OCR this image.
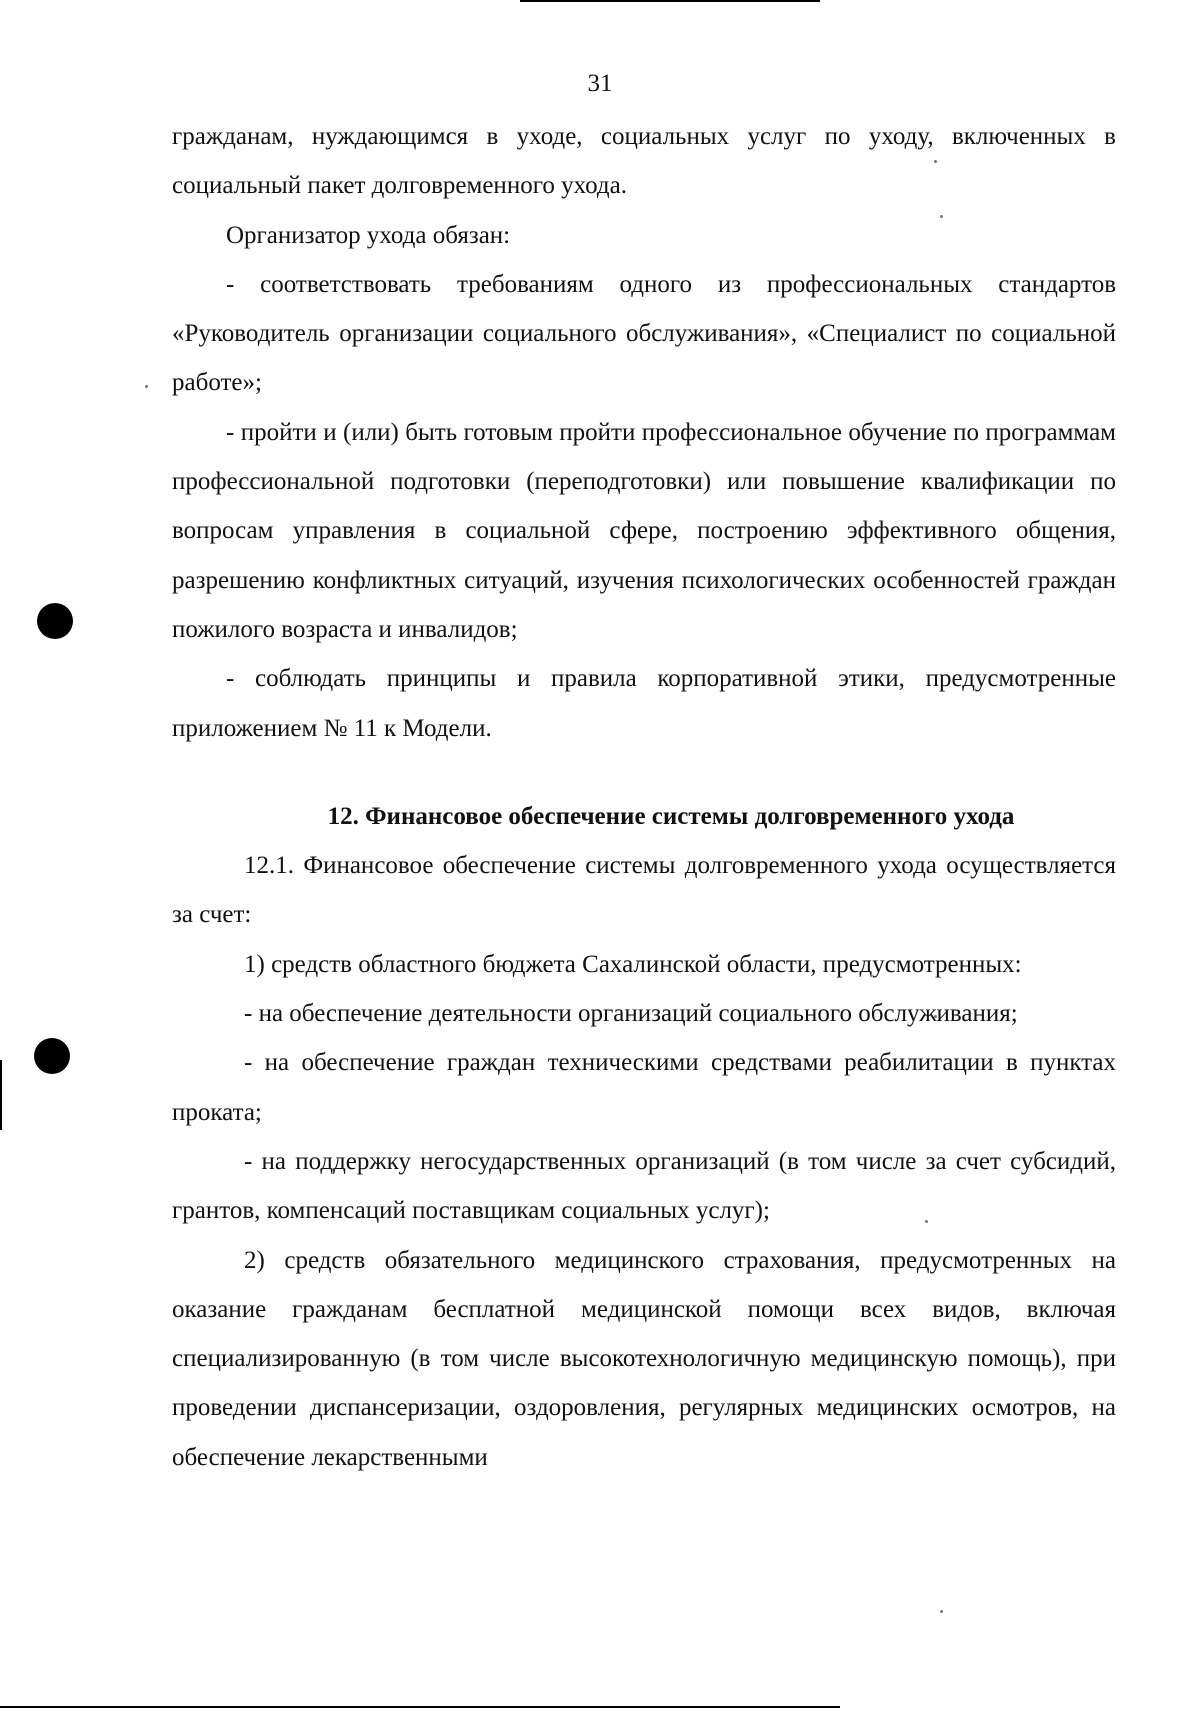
31

гражданам, нуждающимся в уходе, социальных услуг по уходу, включенных в социальный пакет долговременного ухода.

Организатор ухода обязан:

- соответствовать требованиям одного из профессиональных стандартов «Руководитель организации социального обслуживания», «Специалист по социальной работе»;

- пройти и (или) быть готовым пройти профессиональное обучение по программам профессиональной подготовки (переподготовки) или повышение квалификации по вопросам управления в социальной сфере, построению эффективного общения, разрешению конфликтных ситуаций, изучения психологических особенностей граждан пожилого возраста и инвалидов;

- соблюдать принципы и правила корпоративной этики, предусмотренные приложением № 11 к Модели.

12. Финансовое обеспечение системы долговременного ухода

12.1. Финансовое обеспечение системы долговременного ухода осуществляется за счет:

1) средств областного бюджета Сахалинской области, предусмотренных:

- на обеспечение деятельности организаций социального обслуживания;

- на обеспечение граждан техническими средствами реабилитации в пунктах проката;

- на поддержку негосударственных организаций (в том числе за счет субсидий, грантов, компенсаций поставщикам социальных услуг);

2) средств обязательного медицинского страхования, предусмотренных на оказание гражданам бесплатной медицинской помощи всех видов, включая специализированную (в том числе высокотехнологичную медицинскую помощь), при проведении диспансеризации, оздоровления, регулярных медицинских осмотров, на обеспечение лекарственными
